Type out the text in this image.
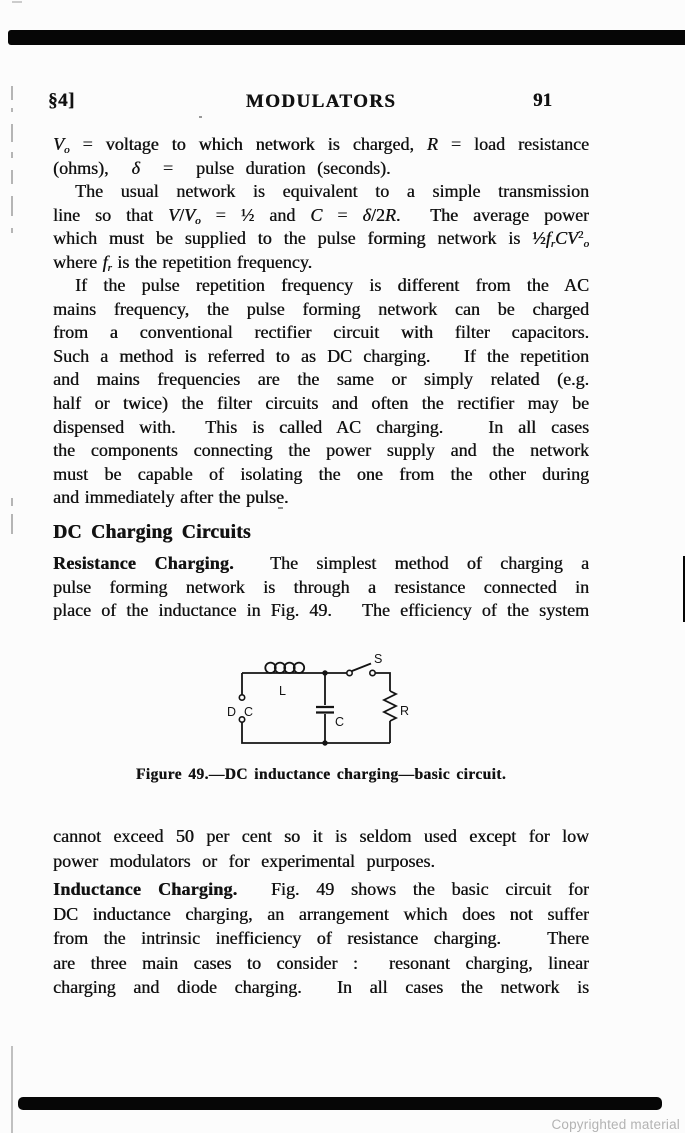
§4]	MODULATORS	91
$V_o$ = voltage to which network is charged, R = load resistance
(ohms),  δ  =  pulse duration (seconds).
The usual network is equivalent to a simple transmission
line so that $V/V_o$ = ½ and C = δ/2R.  The average power
which must be supplied to the pulse forming network is $\frac{1}{2}f_rCV^2_o$
where $f_r$ is the repetition frequency.
If the pulse repetition frequency is different from the AC
mains frequency, the pulse forming network can be charged
from a conventional rectifier circuit with filter capacitors.
Such a method is referred to as DC charging.   If the repetition
and mains frequencies are the same or simply related (e.g.
half or twice) the filter circuits and often the rectifier may be
dispensed with.  This is called AC charging.   In all cases
the components connecting the power supply and the network
must be capable of isolating the one from the other during
and immediately after the pulse.
DC Charging Circuits
Resistance Charging.  The simplest method of charging a
pulse forming network is through a resistance connected in
place of the inductance in Fig. 49.   The efficiency of the system
D C
L
C
S
R
Figure 49.—DC inductance charging—basic circuit.
cannot exceed 50 per cent so it is seldom used except for low
power modulators or for experimental purposes.
Inductance Charging.  Fig. 49 shows the basic circuit for
DC inductance charging, an arrangement which does not suffer
from the intrinsic inefficiency of resistance charging.   There
are three main cases to consider :  resonant charging, linear
charging and diode charging.  In all cases the network is
Copyrighted material
